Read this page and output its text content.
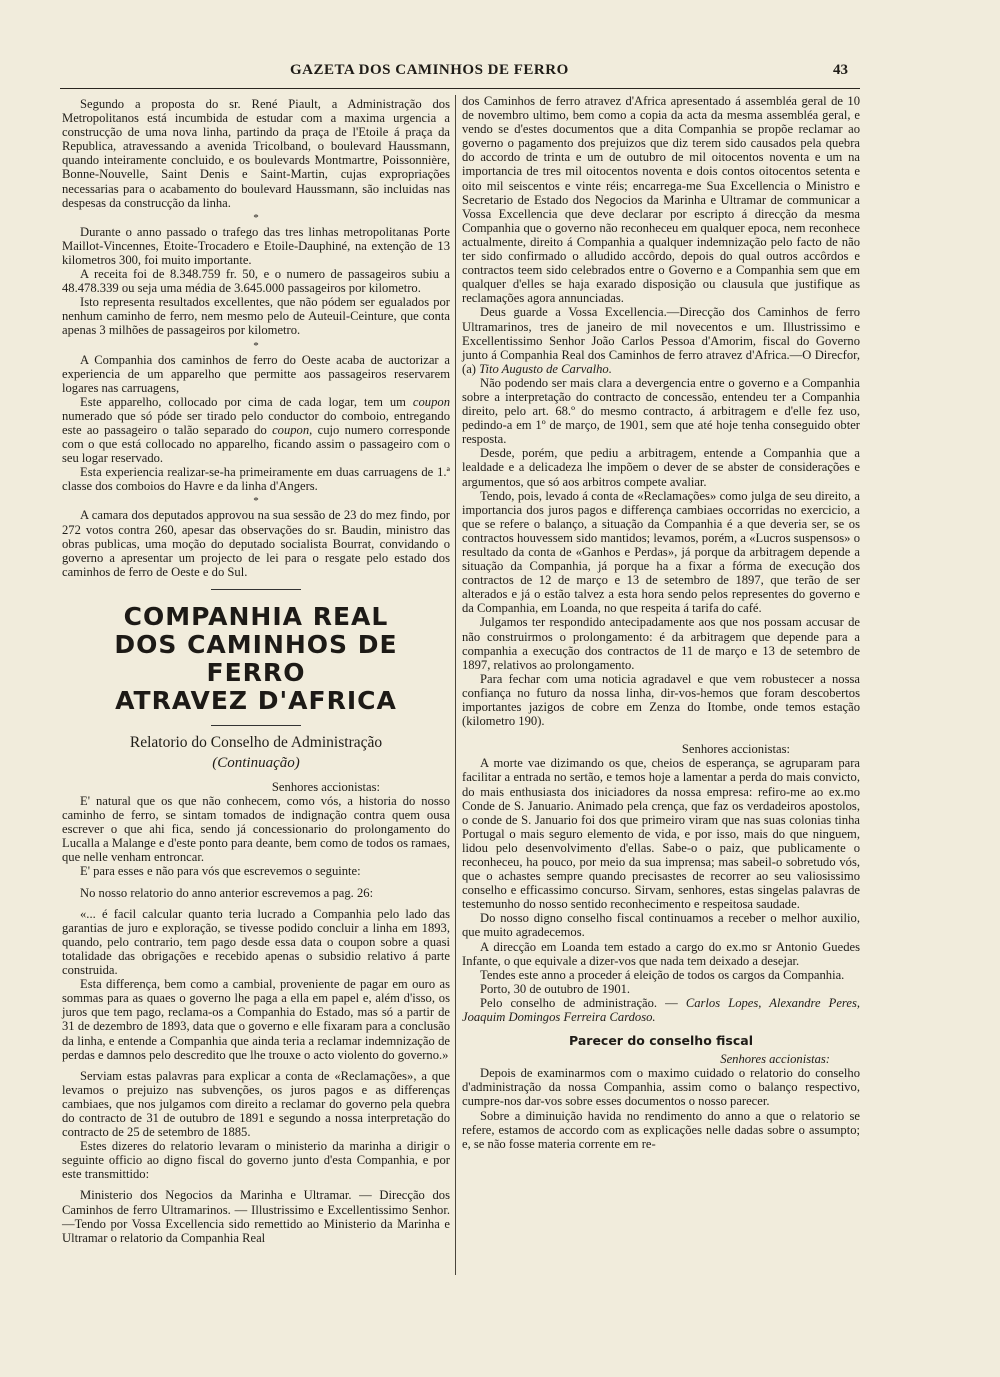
GAZETA DOS CAMINHOS DE FERRO	43

Segundo a proposta do sr. René Piault, a Administração dos Metropolitanos está incumbida de estudar com a maxima urgencia a construcção de uma nova linha, partindo da praça de l'Etoile á praça da Republica, atravessando a avenida Tricolband, o boulevard Haussmann, quando inteiramente concluido, e os boulevards Montmartre, Poissonnière, Bonne-Nouvelle, Saint Denis e Saint-Martin, cujas expropriações necessarias para o acabamento do boulevard Haussmann, são incluidas nas despesas da construcção da linha.

*

Durante o anno passado o trafego das tres linhas metropolitanas Porte Maillot-Vincennes, Etoite-Trocadero e Etoile-Dauphiné, na extenção de 13 kilometros 300, foi muito importante.

A receita foi de 8.348.759 fr. 50, e o numero de passageiros subiu a 48.478.339 ou seja uma média de 3.645.000 passageiros por kilometro.

Isto representa resultados excellentes, que não pódem ser egualados por nenhum caminho de ferro, nem mesmo pelo de Auteuil-Ceinture, que conta apenas 3 milhões de passageiros por kilometro.

*

A Companhia dos caminhos de ferro do Oeste acaba de auctorizar a experiencia de um apparelho que permitte aos passageiros reservarem logares nas carruagens,

Este apparelho, collocado por cima de cada logar, tem um coupon numerado que só póde ser tirado pelo conductor do comboio, entregando este ao passageiro o talão separado do coupon, cujo numero corresponde com o que está collocado no apparelho, ficando assim o passageiro com o seu logar reservado.

Esta experiencia realizar-se-ha primeiramente em duas carruagens de 1.ª classe dos comboios do Havre e da linha d'Angers.

*

A camara dos deputados approvou na sua sessão de 23 do mez findo, por 272 votos contra 260, apesar das observações do sr. Baudin, ministro das obras publicas, uma moção do deputado socialista Bourrat, convidando o governo a apresentar um projecto de lei para o resgate pelo estado dos caminhos de ferro de Oeste e do Sul.

COMPANHIA REAL
DOS CAMINHOS DE FERRO
ATRAVEZ D'AFRICA
Relatorio do Conselho de Administração
(Continuação)
Senhores accionistas:

E' natural que os que não conhecem, como vós, a historia do nosso caminho de ferro, se sintam tomados de indignação contra quem ousa escrever o que ahi fica, sendo já concessionario do prolongamento do Lucalla a Malange e d'este ponto para deante, bem como de todos os ramaes, que nelle venham entroncar.

E' para esses e não para vós que escrevemos o seguinte:

No nosso relatorio do anno anterior escrevemos a pag. 26:

«... é facil calcular quanto teria lucrado a Companhia pelo lado das garantias de juro e exploração, se tivesse podido concluir a linha em 1893, quando, pelo contrario, tem pago desde essa data o coupon sobre a quasi totalidade das obrigações e recebido apenas o subsidio relativo á parte construida.

Esta differença, bem como a cambial, proveniente de pagar em ouro as sommas para as quaes o governo lhe paga a ella em papel e, além d'isso, os juros que tem pago, reclama-os a Companhia do Estado, mas só a partir de 31 de dezembro de 1893, data que o governo e elle fixaram para a conclusão da linha, e entende a Companhia que ainda teria a reclamar indemnização de perdas e damnos pelo descredito que lhe trouxe o acto violento do governo.»

Serviam estas palavras para explicar a conta de «Reclamações», a que levamos o prejuizo nas subvenções, os juros pagos e as differenças cambiaes, que nos julgamos com direito a reclamar do governo pela quebra do contracto de 31 de outubro de 1891 e segundo a nossa interpretação do contracto de 25 de setembro de 1885.

Estes dizeres do relatorio levaram o ministerio da marinha a dirigir o seguinte officio ao digno fiscal do governo junto d'esta Companhia, e por este transmittido:

Ministerio dos Negocios da Marinha e Ultramar. — Direcção dos Caminhos de ferro Ultramarinos. — Illustrissimo e Excellentissimo Senhor.—Tendo por Vossa Excellencia sido remettido ao Ministerio da Marinha e Ultramar o relatorio da Companhia Real

dos Caminhos de ferro atravez d'Africa apresentado á assembléa geral de 10 de novembro ultimo, bem como a copia da acta da mesma assembléa geral, e vendo se d'estes documentos que a dita Companhia se propõe reclamar ao governo o pagamento dos prejuizos que diz terem sido causados pela quebra do accordo de trinta e um de outubro de mil oitocentos noventa e um na importancia de tres mil oitocentos noventa e dois contos oitocentos setenta e oito mil seiscentos e vinte réis; encarrega-me Sua Excellencia o Ministro e Secretario de Estado dos Negocios da Marinha e Ultramar de communicar a Vossa Excellencia que deve declarar por escripto á direcção da mesma Companhia que o governo não reconheceu em qualquer epoca, nem reconhece actualmente, direito á Companhia a qualquer indemnização pelo facto de não ter sido confirmado o alludido accôrdo, depois do qual outros accôrdos e contractos teem sido celebrados entre o Governo e a Companhia sem que em qualquer d'elles se haja exarado disposição ou clausula que justifique as reclamações agora annunciadas.

Deus guarde a Vossa Excellencia.—Direcção dos Caminhos de ferro Ultramarinos, tres de janeiro de mil novecentos e um. Illustrissimo e Excellentissimo Senhor João Carlos Pessoa d'Amorim, fiscal do Governo junto á Companhia Real dos Caminhos de ferro atravez d'Africa.—O Direcfor, (a) Tito Augusto de Carvalho.

Não podendo ser mais clara a devergencia entre o governo e a Companhia sobre a interpretação do contracto de concessão, entendeu ter a Companhia direito, pelo art. 68.º do mesmo contracto, á arbitragem e d'elle fez uso, pedindo-a em 1º de março, de 1901, sem que até hoje tenha conseguido obter resposta.

Desde, porém, que pediu a arbitragem, entende a Companhia que a lealdade e a delicadeza lhe impõem o dever de se abster de considerações e argumentos, que só aos arbitros compete avaliar.

Tendo, pois, levado á conta de «Reclamações» como julga de seu direito, a importancia dos juros pagos e differença cambiaes occorridas no exercicio, a que se refere o balanço, a situação da Companhia é a que deveria ser, se os contractos houvessem sido mantidos; levamos, porém, a «Lucros suspensos» o resultado da conta de «Ganhos e Perdas», já porque da arbitragem depende a situação da Companhia, já porque ha a fixar a fórma de execução dos contractos de 12 de março e 13 de setembro de 1897, que terão de ser alterados e já o estão talvez a esta hora sendo pelos representes do governo e da Companhia, em Loanda, no que respeita á tarifa do café.

Julgamos ter respondido antecipadamente aos que nos possam accusar de não construirmos o prolongamento: é da arbitragem que depende para a companhia a execução dos contractos de 11 de março e 13 de setembro de 1897, relativos ao prolongamento.

Para fechar com uma noticia agradavel e que vem robustecer a nossa confiança no futuro da nossa linha, dir-vos-hemos que foram descobertos importantes jazigos de cobre em Zenza do Itombe, onde temos estação (kilometro 190).

Senhores accionistas:

A morte vae dizimando os que, cheios de esperança, se agruparam para facilitar a entrada no sertão, e temos hoje a lamentar a perda do mais convicto, do mais enthusiasta dos iniciadores da nossa empresa: refiro-me ao ex.mo Conde de S. Januario. Animado pela crença, que faz os verdadeiros apostolos, o conde de S. Januario foi dos que primeiro viram que nas suas colonias tinha Portugal o mais seguro elemento de vida, e por isso, mais do que ninguem, lidou pelo desenvolvimento d'ellas. Sabe-o o paiz, que publicamente o reconheceu, ha pouco, por meio da sua imprensa; mas sabeil-o sobretudo vós, que o achastes sempre quando precisastes de recorrer ao seu valiosissimo conselho e efficassimo concurso. Sirvam, senhores, estas singelas palavras de testemunho do nosso sentido reconhecimento e respeitosa saudade.

Do nosso digno conselho fiscal continuamos a receber o melhor auxilio, que muito agradecemos.

A direcção em Loanda tem estado a cargo do ex.mo sr Antonio Guedes Infante, o que equivale a dizer-vos que nada tem deixado a desejar.

Tendes este anno a proceder á eleição de todos os cargos da Companhia.

Porto, 30 de outubro de 1901.

Pelo conselho de administração. — Carlos Lopes, Alexandre Peres, Joaquim Domingos Ferreira Cardoso.

Parecer do conselho fiscal
Senhores accionistas:

Depois de examinarmos com o maximo cuidado o relatorio do conselho d'administração da nossa Companhia, assim como o balanço respectivo, cumpre-nos dar-vos sobre esses documentos o nosso parecer.

Sobre a diminuição havida no rendimento do anno a que o relatorio se refere, estamos de accordo com as explicações nelle dadas sobre o assumpto; e, se não fosse materia corrente em re-
